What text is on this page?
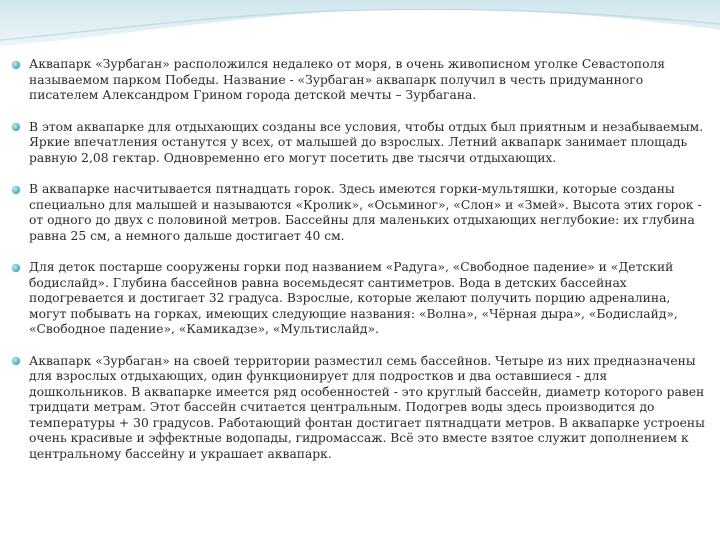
Аквапарк «Зурбаган» расположился недалеко от моря, в очень живописном уголке Севастополя называемом парком Победы. Название - «Зурбаган» аквапарк получил в честь придуманного писателем Александром Грином города детской мечты – Зурбагана.
В этом аквапарке для отдыхающих созданы все условия, чтобы отдых был приятным и незабываемым. Яркие впечатления останутся у всех, от малышей до взрослых. Летний аквапарк занимает площадь равную 2,08 гектар. Одновременно его могут посетить две тысячи отдыхающих.
В аквапарке насчитывается пятнадцать горок. Здесь имеются горки-мультяшки, которые созданы специально для малышей и называются «Кролик», «Осьминог», «Слон» и «Змей». Высота этих горок - от одного до двух с половиной метров. Бассейны для маленьких отдыхающих неглубокие: их глубина равна 25 см, а немного дальше достигает 40 см.
Для деток постарше сооружены горки под названием «Радуга», «Свободное падение» и «Детский бодислайд». Глубина бассейнов равна восемьдесят сантиметров. Вода в детских бассейнах подогревается и достигает 32 градуса. Взрослые, которые желают получить порцию адреналина, могут побывать на горках, имеющих следующие названия: «Волна», «Чёрная дыра», «Бодислайд», «Свободное падение», «Камикадзе», «Мультислайд».
Аквапарк «Зурбаган» на своей территории разместил семь бассейнов. Четыре из них предназначены для взрослых отдыхающих, один функционирует для подростков и два оставшиеся - для дошкольников. В аквапарке имеется ряд особенностей - это круглый бассейн, диаметр которого равен тридцати метрам. Этот бассейн считается центральным. Подогрев воды здесь производится до температуры + 30 градусов. Работающий фонтан достигает пятнадцати метров. В аквапарке устроены очень красивые и эффектные водопады, гидромассаж. Всё это вместе взятое служит дополнением к центральному бассейну и украшает аквапарк.
